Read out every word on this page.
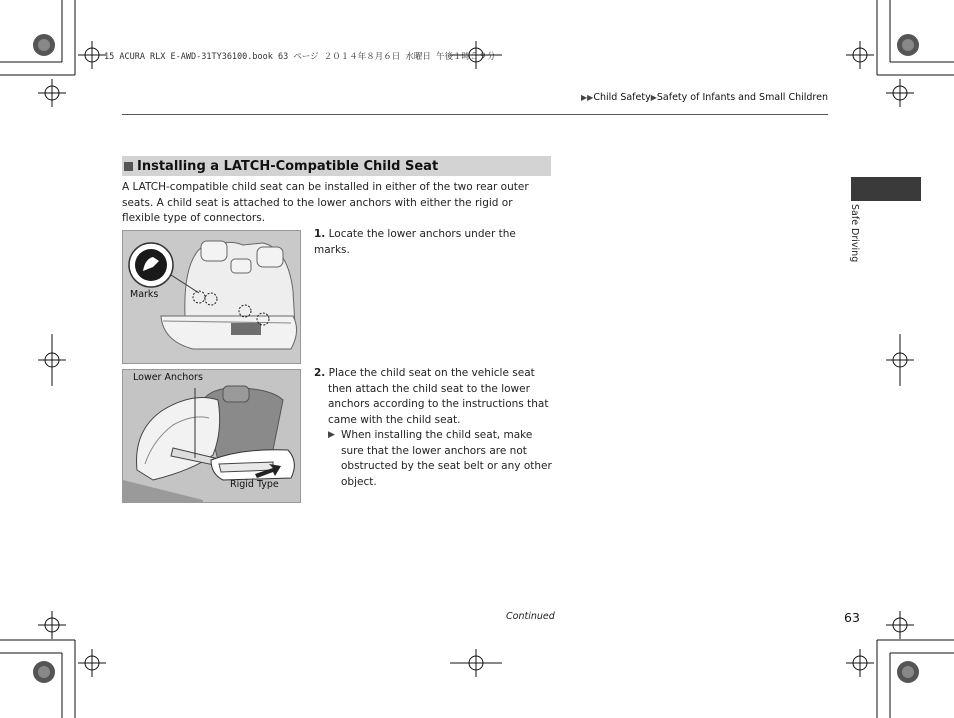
15 ACURA RLX E-AWD-31TY36100.book 63 ページ ２０１４年８月６日 水曜日 午後１時５９分
▶▶Child Safety▶Safety of Infants and Small Children
Installing a LATCH-Compatible Child Seat

A LATCH-compatible child seat can be installed in either of the two rear outer seats. A child seat is attached to the lower anchors with either the rigid or flexible type of connectors.

Marks
Lower Anchors
Rigid Type
1. Locate the lower anchors under the marks.
2. Place the child seat on the vehicle seat then attach the child seat to the lower anchors according to the instructions that came with the child seat.
▶ When installing the child seat, make sure that the lower anchors are not obstructed by the seat belt or any other object.
Safe Driving
Continued	63
